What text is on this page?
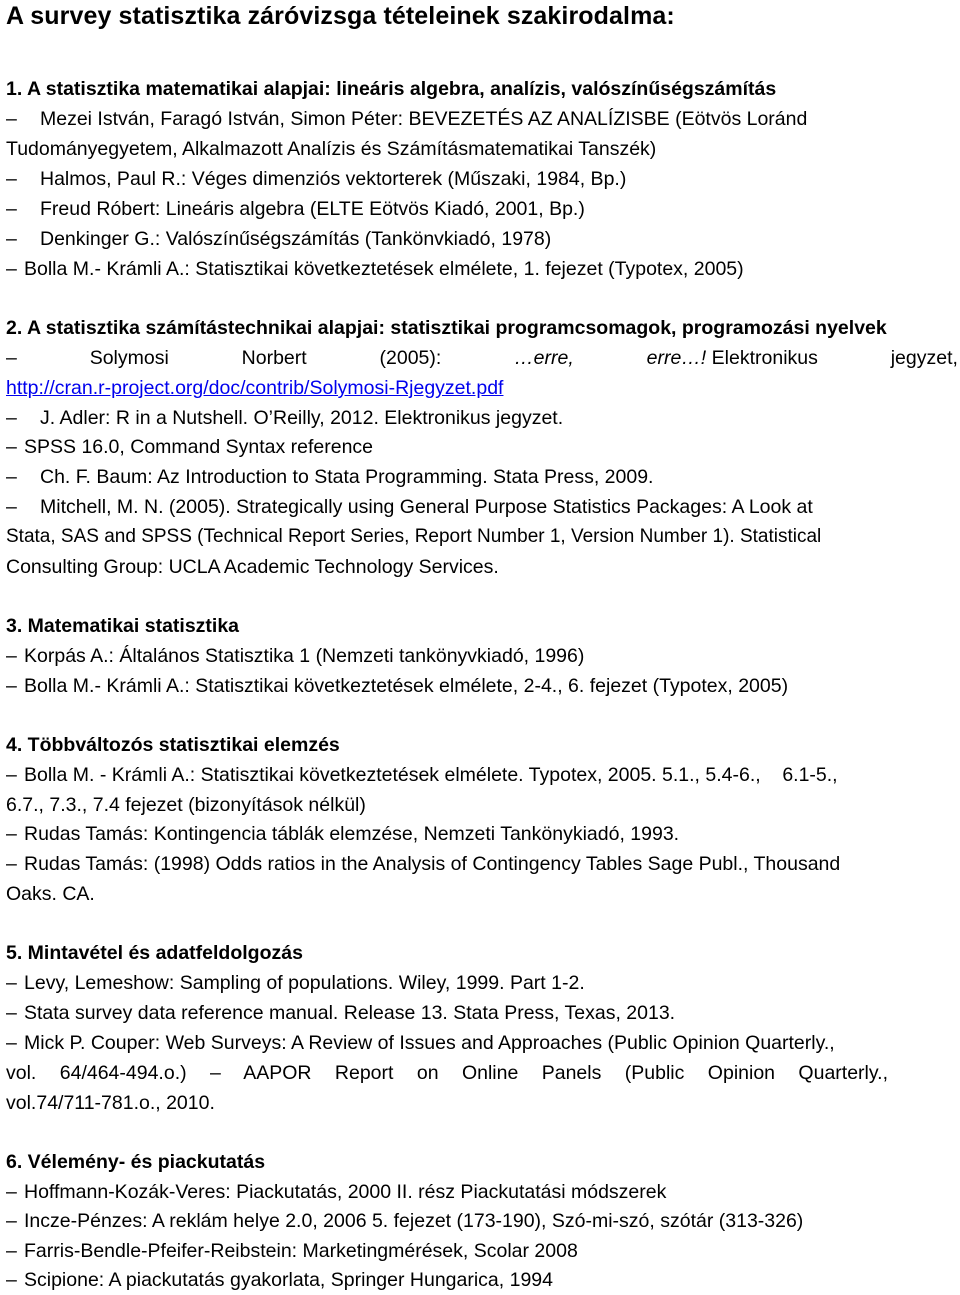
A survey statisztika záróvizsga tételeinek szakirodalma:
1. A statisztika matematikai alapjai: lineáris algebra, analízis, valószínűségszámítás
– Mezei István, Faragó István, Simon Péter: BEVEZETÉS AZ ANALÍZISBE (Eötvös Loránd
Tudományegyetem, Alkalmazott Analízis és Számításmatematikai Tanszék)
– Halmos, Paul R.: Véges dimenziós vektorterek (Műszaki, 1984, Bp.)
– Freud Róbert: Lineáris algebra (ELTE Eötvös Kiadó, 2001, Bp.)
– Denkinger G.: Valószínűségszámítás (Tankönvkiadó, 1978)
– Bolla M.- Krámli A.: Statisztikai következtetések elmélete, 1. fejezet (Typotex, 2005)
2. A statisztika számítástechnikai alapjai: statisztikai programcsomagok, programozási nyelvek
–	Solymosi	Norbert	(2005):	…erre,	erre…! Elektronikus	jegyzet,
http://cran.r-project.org/doc/contrib/Solymosi-Rjegyzet.pdf
– J. Adler: R in a Nutshell. O’Reilly, 2012. Elektronikus jegyzet.
– SPSS 16.0, Command Syntax reference
– Ch. F. Baum: Az Introduction to Stata Programming. Stata Press, 2009.
– Mitchell, M. N. (2005). Strategically using General Purpose Statistics Packages: A Look at
Stata, SAS and SPSS (Technical Report Series, Report Number 1, Version Number 1). Statistical
Consulting Group: UCLA Academic Technology Services.
3. Matematikai statisztika
– Korpás A.: Általános Statisztika 1 (Nemzeti tankönyvkiadó, 1996)
– Bolla M.- Krámli A.: Statisztikai következtetések elmélete, 2-4., 6. fejezet (Typotex, 2005)
4. Többváltozós statisztikai elemzés
– Bolla M. - Krámli A.: Statisztikai következtetések elmélete. Typotex, 2005. 5.1., 5.4-6.,    6.1-5.,
6.7., 7.3., 7.4 fejezet (bizonyítások nélkül)
– Rudas Tamás: Kontingencia táblák elemzése, Nemzeti Tankönykiadó, 1993.
– Rudas Tamás: (1998) Odds ratios in the Analysis of Contingency Tables Sage Publ., Thousand
Oaks. CA.
5. Mintavétel és adatfeldolgozás
– Levy, Lemeshow: Sampling of populations. Wiley, 1999. Part 1-2.
– Stata survey data reference manual. Release 13. Stata Press, Texas, 2013.
– Mick P. Couper: Web Surveys: A Review of Issues and Approaches (Public Opinion Quarterly.,
vol. 64/464-494.o.) – AAPOR Report on Online Panels (Public Opinion Quarterly.,
vol.74/711-781.o., 2010.
6. Vélemény- és piackutatás
– Hoffmann-Kozák-Veres: Piackutatás, 2000 II. rész Piackutatási módszerek
– Incze-Pénzes: A reklám helye 2.0, 2006 5. fejezet (173-190), Szó-mi-szó, szótár (313-326)
– Farris-Bendle-Pfeifer-Reibstein: Marketingmérések, Scolar 2008
– Scipione: A piackutatás gyakorlata, Springer Hungarica, 1994
